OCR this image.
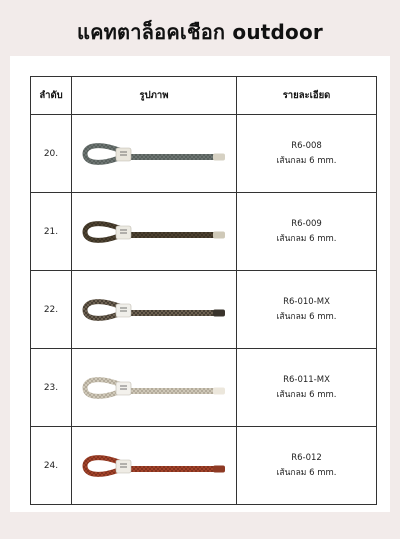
แคทตาล็อคเชือก outdoor
ลำดับ	รูปภาพ	รายละเอียด
20.		R6-008
เส้นกลม 6 mm.

21.		R6-009
เส้นกลม 6 mm.

22.		R6-010-MX
เส้นกลม 6 mm.

23.		R6-011-MX
เส้นกลม 6 mm.

24.		R6-012
เส้นกลม 6 mm.
